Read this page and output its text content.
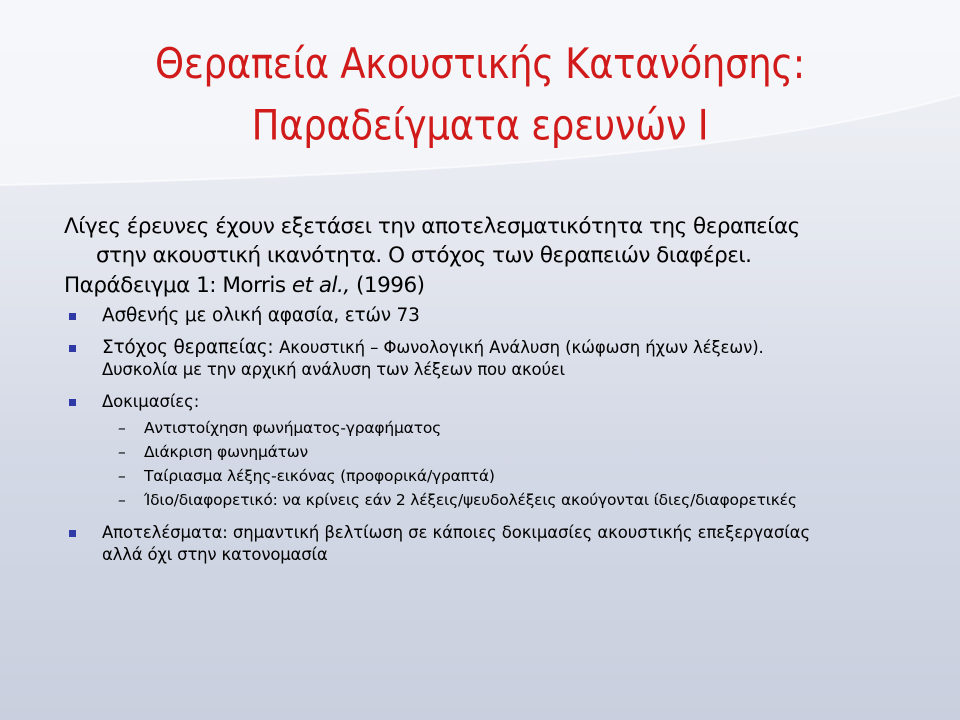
Θεραπεία Ακουστικής Κατανόησης:
Παραδείγματα ερευνών Ι
Λίγες έρευνες έχουν εξετάσει την αποτελεσματικότητα της θεραπείας
στην ακουστική ικανότητα. Ο στόχος των θεραπειών διαφέρει.
Παράδειγμα 1: Morris et al., (1996)
Ασθενής με ολική αφασία, ετών 73
Στόχος θεραπείας: Ακουστική – Φωνολογική Ανάλυση (κώφωση ήχων λέξεων).
Δυσκολία με την αρχική ανάλυση των λέξεων που ακούει
Δοκιμασίες:
– Αντιστοίχηση φωνήματος-γραφήματος
– Διάκριση φωνημάτων
– Ταίριασμα λέξης-εικόνας (προφορικά/γραπτά)
– Ίδιο/διαφορετικό: να κρίνεις εάν 2 λέξεις/ψευδολέξεις ακούγονται ίδιες/διαφορετικές
Αποτελέσματα: σημαντική βελτίωση σε κάποιες δοκιμασίες ακουστικής επεξεργασίας
αλλά όχι στην κατονομασία
